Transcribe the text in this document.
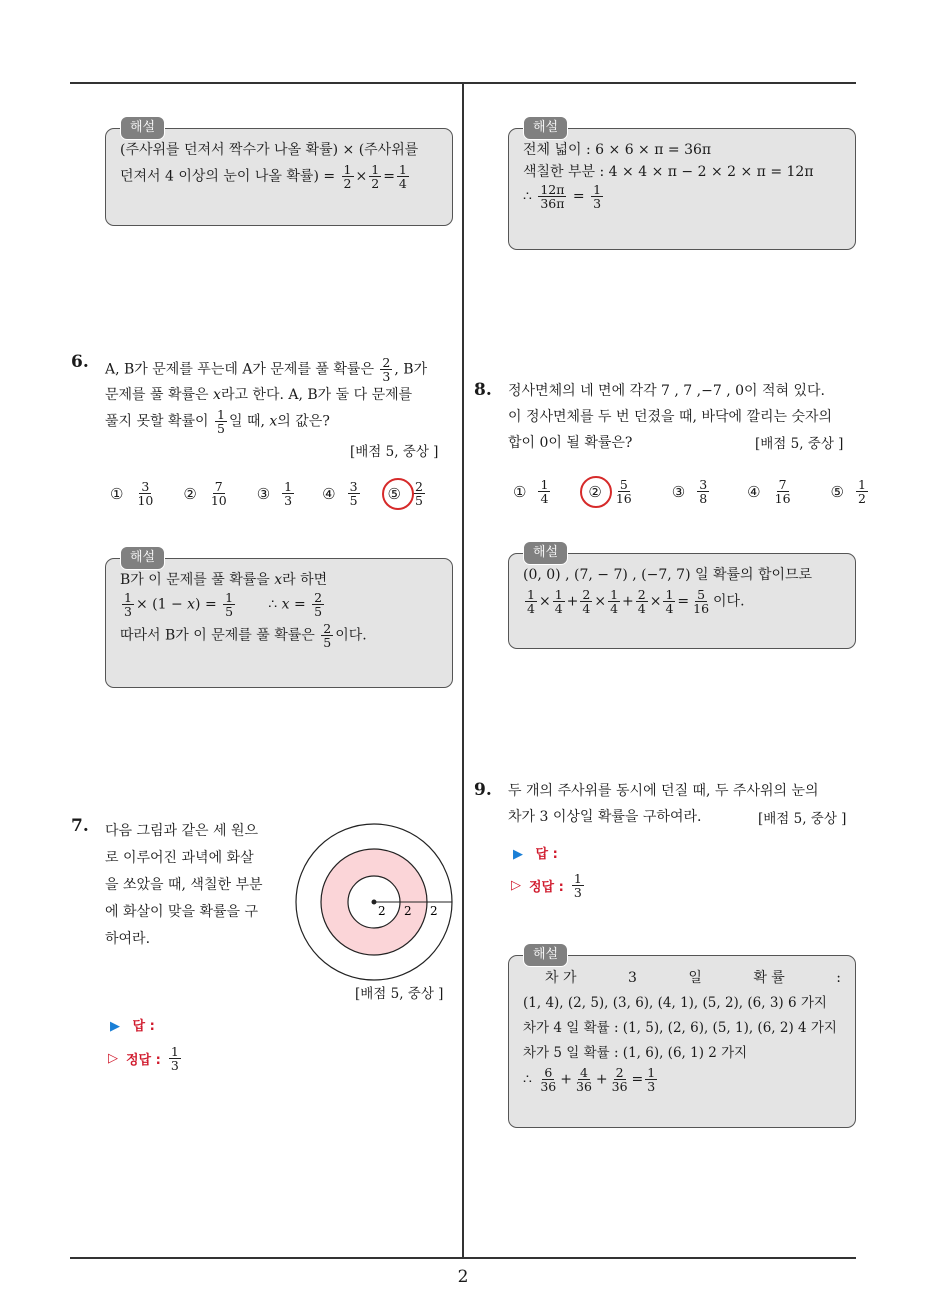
해설
(주사위를 던져서 짝수가 나올 확률) × (주사위를
던져서 4 이상의 눈이 나올 확률) = $\frac{1}{2} \times \frac{1}{2} = \frac{1}{4}$
6. A, B가 문제를 푸는데 A가 문제를 풀 확률은 $\frac{2}{3}$ , B가
문제를 풀 확률은 x라고 한다. A, B가 둘 다 문제를
풀지 못할 확률이 $\frac{1}{5}$ 일 때, x의 값은?
[배점 5, 중상 ]
① $\frac{3}{10}$ ② $\frac{7}{10}$ ③ $\frac{1}{3}$ ④ $\frac{3}{5}$ ⑤ $\frac{2}{5}$
해설
B가 이 문제를 풀 확률을 x라 하면
$\frac{1}{3} \times (1 - x) = \frac{1}{5}$ ∴ $x = \frac{2}{5}$
따라서 B가 이 문제를 풀 확률은 $\frac{2}{5}$ 이다.
7. 다음 그림과 같은 세 원으
로 이루어진 과녁에 화살
을 쏘았을 때, 색칠한 부분
에 화살이 맞을 확률을 구
하여라.
2 2 2
[배점 5, 중상 ]
▶ 답 :
▷ 정답 : $\frac{1}{3}$
해설
전체 넓이 : 6 × 6 × π = 36π
색칠한 부분 : 4 × 4 × π − 2 × 2 × π = 12π
∴ $\frac{12\pi}{36\pi} = \frac{1}{3}$
8. 정사면체의 네 면에 각각 7 , 7 ,−7 , 0이 적혀 있다.
이 정사면체를 두 번 던졌을 때, 바닥에 깔리는 숫자의
합이 0이 될 확률은?	[배점 5, 중상 ]
① $\frac{1}{4}$	② $\frac{5}{16}$	③ $\frac{3}{8}$	④ $\frac{7}{16}$	⑤ $\frac{1}{2}$
해설
(0, 0) , (7, − 7) , (−7, 7) 일 확률의 합이므로
$\frac{1}{4} \times \frac{1}{4} + \frac{2}{4} \times \frac{1}{4} + \frac{2}{4} \times \frac{1}{4} = \frac{5}{16}$ 이다.
9. 두 개의 주사위를 동시에 던질 때, 두 주사위의 눈의
차가 3 이상일 확률을 구하여라.	[배점 5, 중상 ]
▶ 답 :
▷ 정답 : $\frac{1}{3}$
해설
차 가	3	일	확 률	:
(1, 4), (2, 5), (3, 6), (4, 1), (5, 2), (6, 3) 6 가지
차가 4 일 확률 : (1, 5), (2, 6), (5, 1), (6, 2) 4 가지
차가 5 일 확률 : (1, 6), (6, 1) 2 가지
∴ $\frac{6}{36} + \frac{4}{36} + \frac{2}{36} = \frac{1}{3}$
2
